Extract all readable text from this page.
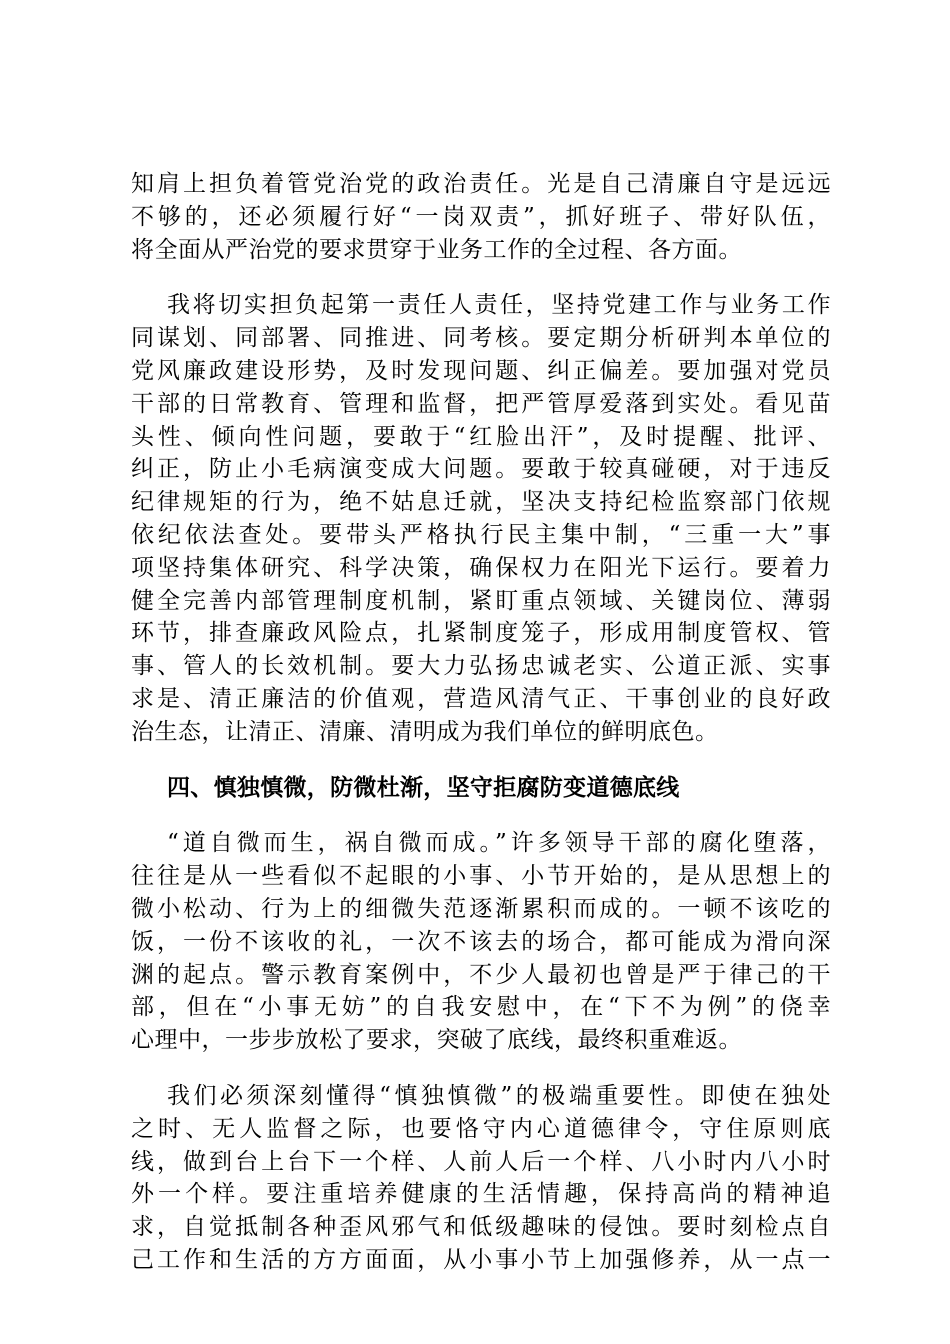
知肩上担负着管党治党的政治责任。光是自己清廉自守是远远
不够的，还必须履行好“一岗双责”，抓好班子、带好队伍，
将全面从严治党的要求贯穿于业务工作的全过程、各方面。
我将切实担负起第一责任人责任，坚持党建工作与业务工作
同谋划、同部署、同推进、同考核。要定期分析研判本单位的
党风廉政建设形势，及时发现问题、纠正偏差。要加强对党员
干部的日常教育、管理和监督，把严管厚爱落到实处。看见苗
头性、倾向性问题，要敢于“红脸出汗”，及时提醒、批评、
纠正，防止小毛病演变成大问题。要敢于较真碰硬，对于违反
纪律规矩的行为，绝不姑息迁就，坚决支持纪检监察部门依规
依纪依法查处。要带头严格执行民主集中制，“三重一大”事
项坚持集体研究、科学决策，确保权力在阳光下运行。要着力
健全完善内部管理制度机制，紧盯重点领域、关键岗位、薄弱
环节，排查廉政风险点，扎紧制度笼子，形成用制度管权、管
事、管人的长效机制。要大力弘扬忠诚老实、公道正派、实事
求是、清正廉洁的价值观，营造风清气正、干事创业的良好政
治生态，让清正、清廉、清明成为我们单位的鲜明底色。
四、慎独慎微，防微杜渐，坚守拒腐防变道德底线
“道自微而生，祸自微而成。”许多领导干部的腐化堕落，
往往是从一些看似不起眼的小事、小节开始的，是从思想上的
微小松动、行为上的细微失范逐渐累积而成的。一顿不该吃的
饭，一份不该收的礼，一次不该去的场合，都可能成为滑向深
渊的起点。警示教育案例中，不少人最初也曾是严于律己的干
部，但在“小事无妨”的自我安慰中，在“下不为例”的侥幸
心理中，一步步放松了要求，突破了底线，最终积重难返。
我们必须深刻懂得“慎独慎微”的极端重要性。即使在独处
之时、无人监督之际，也要恪守内心道德律令，守住原则底
线，做到台上台下一个样、人前人后一个样、八小时内八小时
外一个样。要注重培养健康的生活情趣，保持高尚的精神追
求，自觉抵制各种歪风邪气和低级趣味的侵蚀。要时刻检点自
己工作和生活的方方面面，从小事小节上加强修养，从一点一
